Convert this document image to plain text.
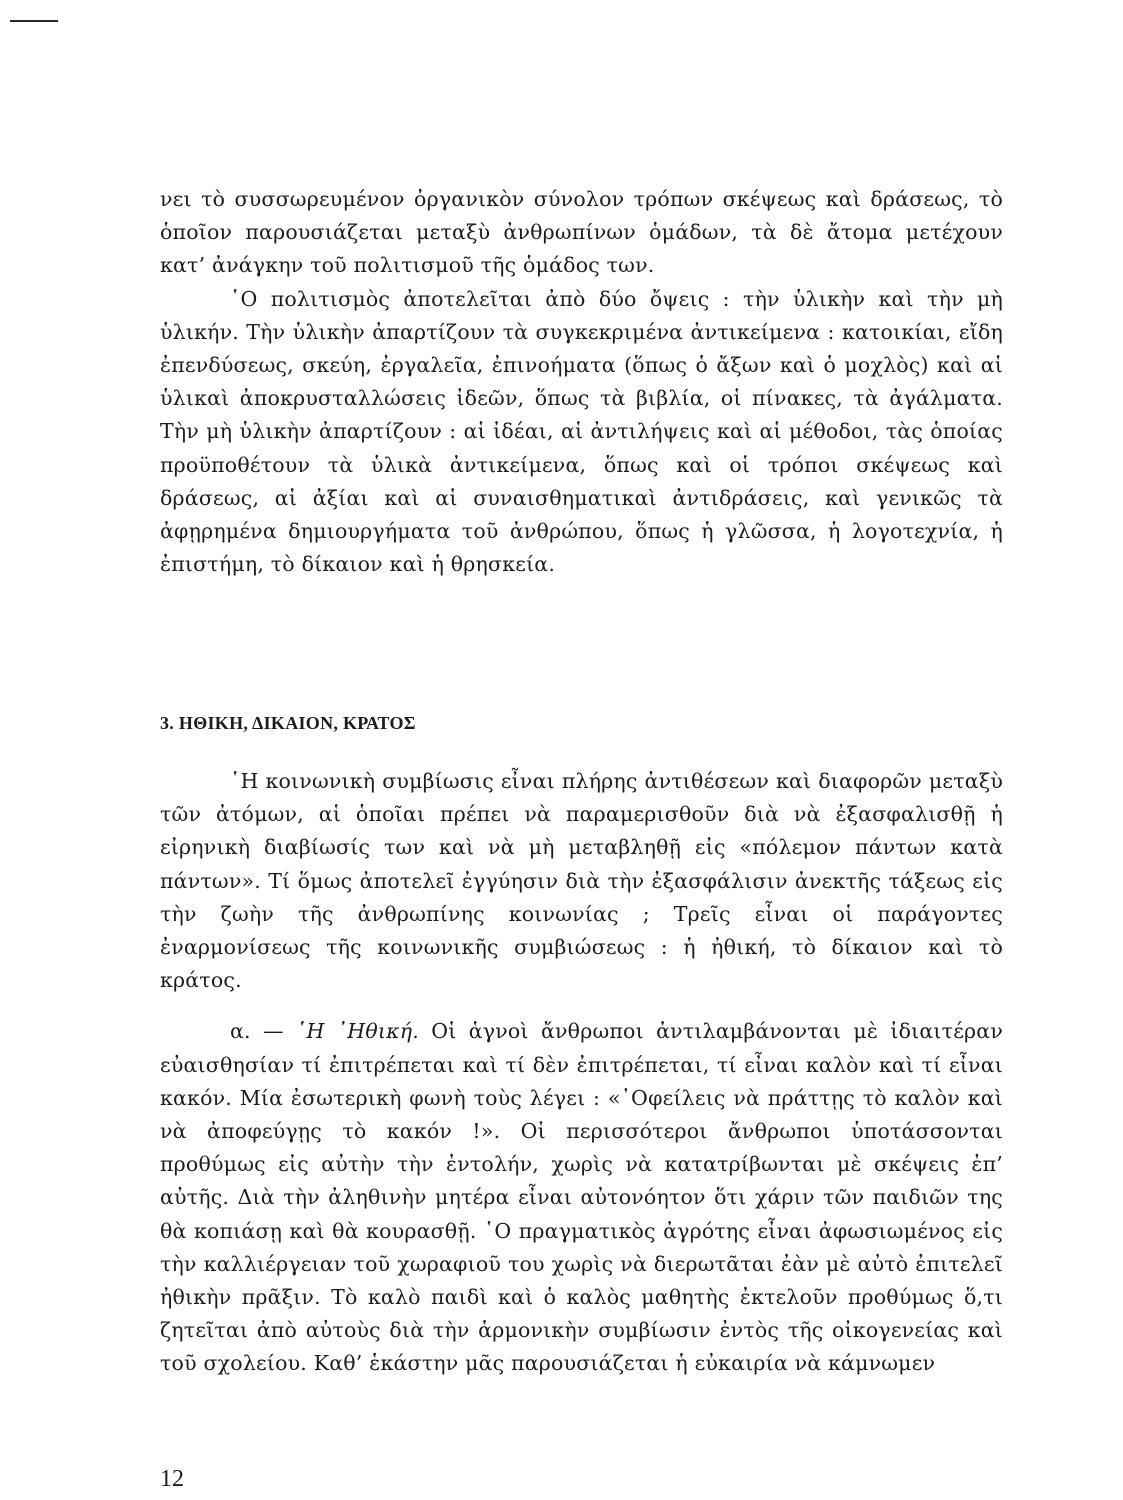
νει τὸ συσσωρευμένον ὀργανικὸν σύνολον τρόπων σκέψεως καὶ δράσεως, τὸ ὁποῖον παρουσιάζεται μεταξὺ ἀνθρωπίνων ὁμάδων, τὰ δὲ ἄτομα μετέχουν κατ’ ἀνάγκην τοῦ πολιτισμοῦ τῆς ὁμάδος των.

῾Ο πολιτισμὸς ἀποτελεῖται ἀπὸ δύο ὄψεις : τὴν ὑλικὴν καὶ τὴν μὴ ὑλικήν. Τὴν ὑλικὴν ἀπαρτίζουν τὰ συγκεκριμένα ἀντικείμενα : κατοικίαι, εἴδη ἐπενδύσεως, σκεύη, ἐργαλεῖα, ἐπινοήματα (ὅπως ὁ ἄξων καὶ ὁ μοχλὸς) καὶ αἱ ὑλικαὶ ἀποκρυσταλλώσεις ἰδεῶν, ὅπως τὰ βιβλία, οἱ πίνακες, τὰ ἀγάλματα. Τὴν μὴ ὑλικὴν ἀπαρτίζουν : αἱ ἰδέαι, αἱ ἀντιλήψεις καὶ αἱ μέθοδοι, τὰς ὁποίας προϋποθέτουν τὰ ὑλικὰ ἀντικείμενα, ὅπως καὶ οἱ τρόποι σκέψεως καὶ δράσεως, αἱ ἀξίαι καὶ αἱ συναισθηματικαὶ ἀντιδράσεις, καὶ γενικῶς τὰ ἀφῃρημένα δημιουργήματα τοῦ ἀνθρώπου, ὅπως ἡ γλῶσσα, ἡ λογοτεχνία, ἡ ἐπιστήμη, τὸ δίκαιον καὶ ἡ θρησκεία.

3. ΗΘΙΚΗ, ΔΙΚΑΙΟΝ, ΚΡΑΤΟΣ

῾Η κοινωνικὴ συμβίωσις εἶναι πλήρης ἀντιθέσεων καὶ διαφορῶν μεταξὺ τῶν ἀτόμων, αἱ ὁποῖαι πρέπει νὰ παραμερισθοῦν διὰ νὰ ἐξασφαλισθῇ ἡ εἰρηνικὴ διαβίωσίς των καὶ νὰ μὴ μεταβληθῇ εἰς «πόλεμον πάντων κατὰ πάντων». Τί ὅμως ἀποτελεῖ ἐγγύησιν διὰ τὴν ἐξασφάλισιν ἀνεκτῆς τάξεως εἰς τὴν ζωὴν τῆς ἀνθρωπίνης κοινωνίας ; Τρεῖς εἶναι οἱ παράγοντες ἐναρμονίσεως τῆς κοινωνικῆς συμβιώσεως : ἡ ἠθική, τὸ δίκαιον καὶ τὸ κράτος.

α. — ῾Η ᾿Ηθική. Οἱ ἁγνοὶ ἄνθρωποι ἀντιλαμβάνονται μὲ ἰδιαιτέραν εὐαισθησίαν τί ἐπιτρέπεται καὶ τί δὲν ἐπιτρέπεται, τί εἶναι καλὸν καὶ τί εἶναι κακόν. Μία ἐσωτερικὴ φωνὴ τοὺς λέγει : «᾿Οφείλεις νὰ πράττῃς τὸ καλὸν καὶ νὰ ἀποφεύγῃς τὸ κακόν !». Οἱ περισσότεροι ἄνθρωποι ὑποτάσσονται προθύμως εἰς αὐτὴν τὴν ἐντολήν, χωρὶς νὰ κατατρίβωνται μὲ σκέψεις ἐπ’ αὐτῆς. Διὰ τὴν ἀληθινὴν μητέρα εἶναι αὐτονόητον ὅτι χάριν τῶν παιδιῶν της θὰ κοπιάσῃ καὶ θὰ κουρασθῇ. ῾Ο πραγματικὸς ἀγρότης εἶναι ἀφωσιωμένος εἰς τὴν καλλιέργειαν τοῦ χωραφιοῦ του χωρὶς νὰ διερωτᾶται ἐὰν μὲ αὐτὸ ἐπιτελεῖ ἠθικὴν πρᾶξιν. Τὸ καλὸ παιδὶ καὶ ὁ καλὸς μαθητὴς ἐκτελοῦν προθύμως ὅ,τι ζητεῖται ἀπὸ αὐτοὺς διὰ τὴν ἁρμονικὴν συμβίωσιν ἐντὸς τῆς οἰκογενείας καὶ τοῦ σχολείου. Καθ’ ἑκάστην μᾶς παρουσιάζεται ἡ εὐκαιρία νὰ κάμνωμεν

12
